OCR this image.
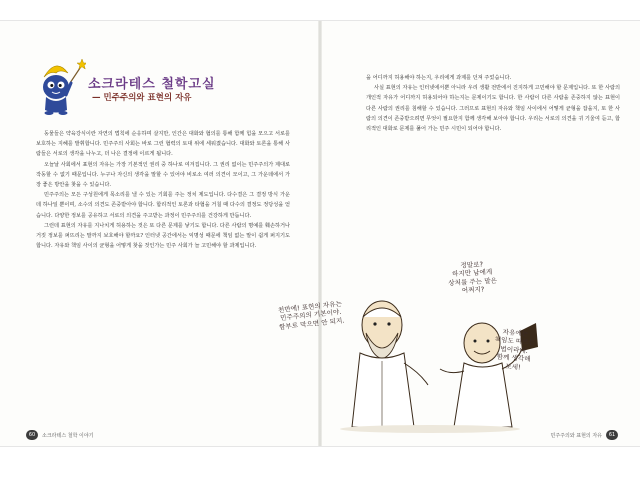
소크라테스 철학고실
— 민주주의와 표현의 자유

동물들은 약육강식이란 자연의 법칙에 순응하며 살지만, 인간은 대화와 협의를 통해 함께 힘을 모으고 서로를 보호하는 지혜를 발휘합니다. 민주주의 사회는 바로 그런 협력의 토대 위에 세워졌습니다. 대화와 토론을 통해 사람들은 서로의 생각을 나누고, 더 나은 결정에 이르게 됩니다.

오늘날 사회에서 표현의 자유는 가장 기본적인 권리 중 하나로 여겨집니다. 그 권리 없이는 민주주의가 제대로 작동할 수 없기 때문입니다. 누구나 자신의 생각을 말할 수 있어야 비로소 여러 의견이 모이고, 그 가운데에서 가장 좋은 방안을 찾을 수 있습니다.

민주주의는 모든 구성원에게 목소리를 낼 수 있는 기회를 주는 정치 제도입니다. 다수결은 그 결정 방식 가운데 하나일 뿐이며, 소수의 의견도 존중받아야 합니다. 합리적인 토론과 타협을 거칠 때 다수의 결정도 정당성을 얻습니다. 다양한 정보를 공유하고 서로의 의견을 주고받는 과정이 민주주의를 건강하게 만듭니다.

그런데 표현의 자유를 지나치게 허용하는 것은 또 다른 문제를 낳기도 합니다. 다른 사람의 명예를 훼손하거나 거짓 정보를 퍼뜨리는 말까지 보호해야 할까요? 인터넷 공간에서는 익명성 때문에 책임 없는 말이 쉽게 퍼지기도 합니다. 자유와 책임 사이의 균형을 어떻게 찾을 것인가는 민주 사회가 늘 고민해야 할 과제입니다.

60	소크라테스 철학 이야기

을 어디까지 허용해야 하는지, 우리에게 과제를 던져 주었습니다.

사실 표현의 자유는 인터넷에서뿐 아니라 우리 생활 전반에서 진지하게 고민해야 할 문제입니다. 또 한 사람의 개인적 자유가 어디까지 허용되어야 하는지는 문제이기도 합니다. 한 사람이 다른 사람을 존중하지 않는 표현이 다른 사람의 권리를 침해할 수 있습니다. 그러므로 표현의 자유와 책임 사이에서 어떻게 균형을 잡을지, 또 한 사람의 의견이 존중받으려면 무엇이 필요한지 함께 생각해 보아야 합니다. 우리는 서로의 의견을 귀 기울여 듣고, 합리적인 대화로 문제를 풀어 가는 민주 시민이 되어야 합니다.

민주주의와 표현의 자유	61
천만에! 표현의 자유는
민주주의의 기본이야.
함부로 막으면 안 되지.
정말로?
하지만 남에게
상처를 주는 말은
어쩌지?
자유에는
책임도 따르는
법이라네.
함께 생각해
보세!
